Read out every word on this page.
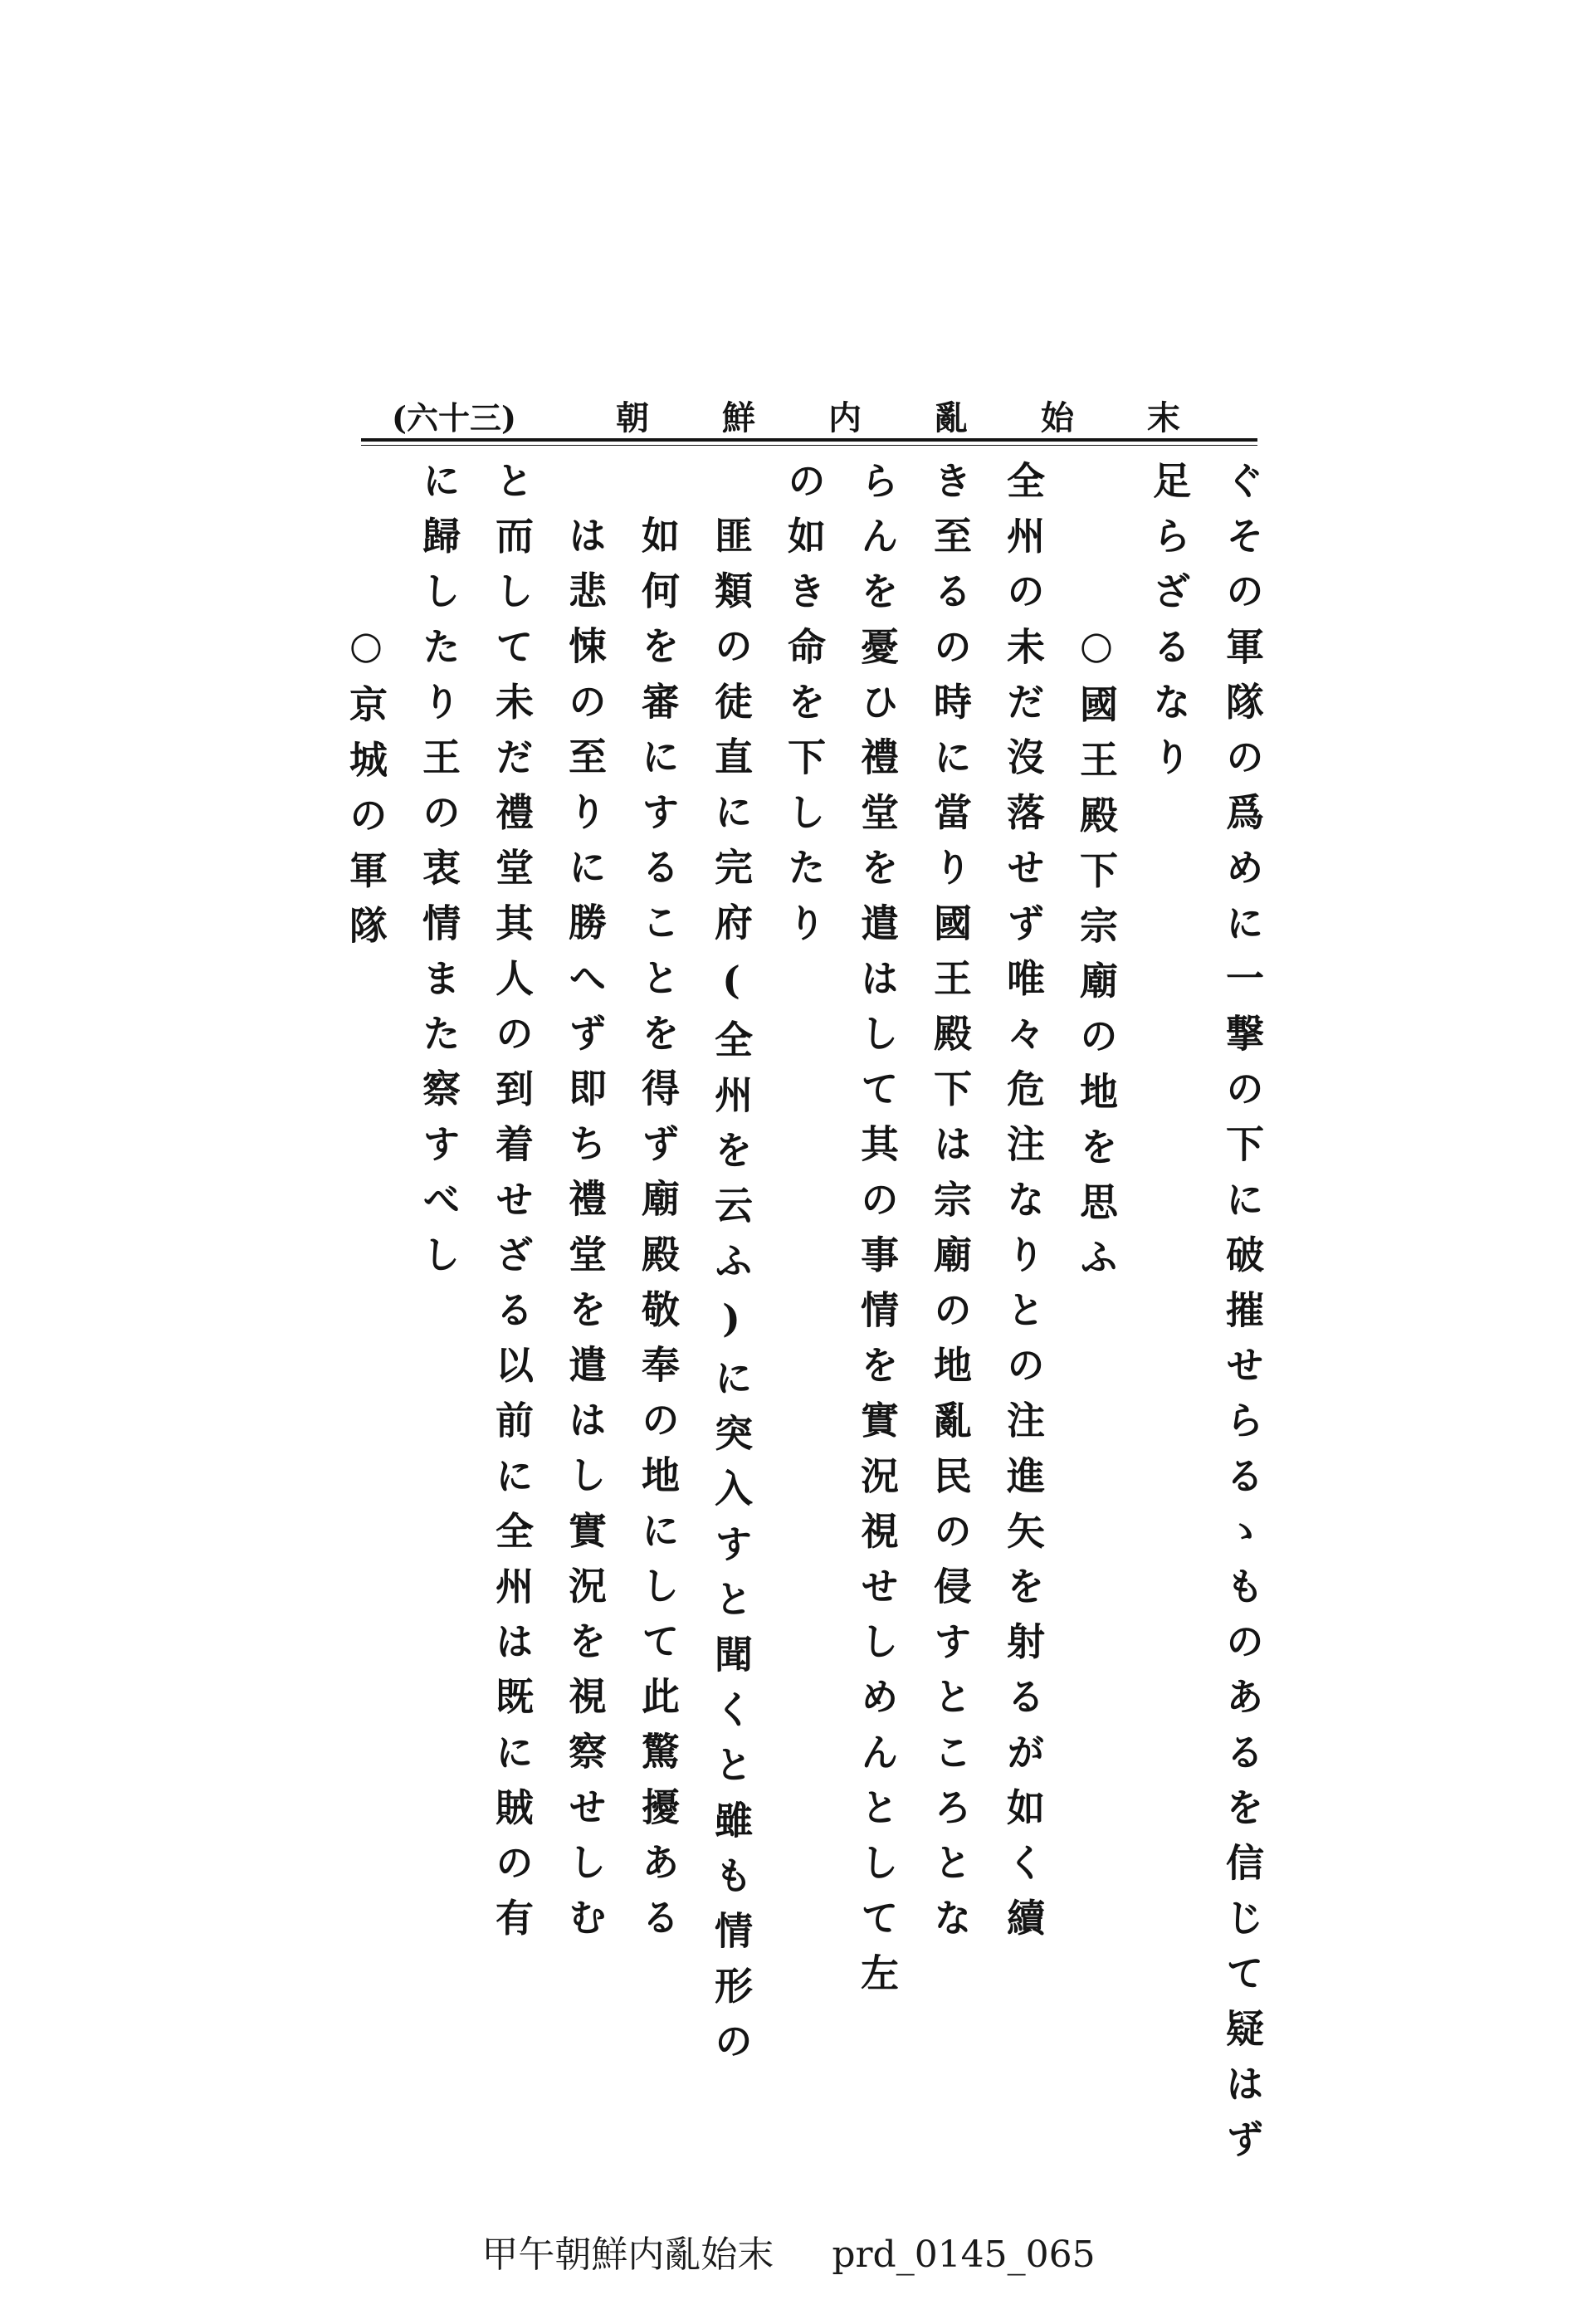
朝鮮内亂始末
(六十三)
ぐその軍隊の爲めに一撃の下に破摧せらるゝものあるを信じて疑はず
足らざるなり
○國王殿下宗廟の地を思ふ
全州の未だ沒落せず唯々危注なりとの注進矢を射るが如く續
き至るの時に當り國王殿下は宗廟の地亂民の侵すところとな
らんを憂ひ禮堂を遣はして其の事情を實況視せしめんとして左
の如き命を下したり
匪類の徒直に完府(全州を云ふ)に突入すと聞くと雖も情形の
如何を審にすることを得ず廟殿敬奉の地にして此驚擾ある
は悲悚の至りに勝へず即ち禮堂を遣はし實況を視察せしむ
と而して未だ禮堂其人の到着せざる以前に全州は既に賊の有
に歸したり王の衷情また察すべし
○京城の軍隊
甲午朝鮮内亂始末 prd_0145_065
